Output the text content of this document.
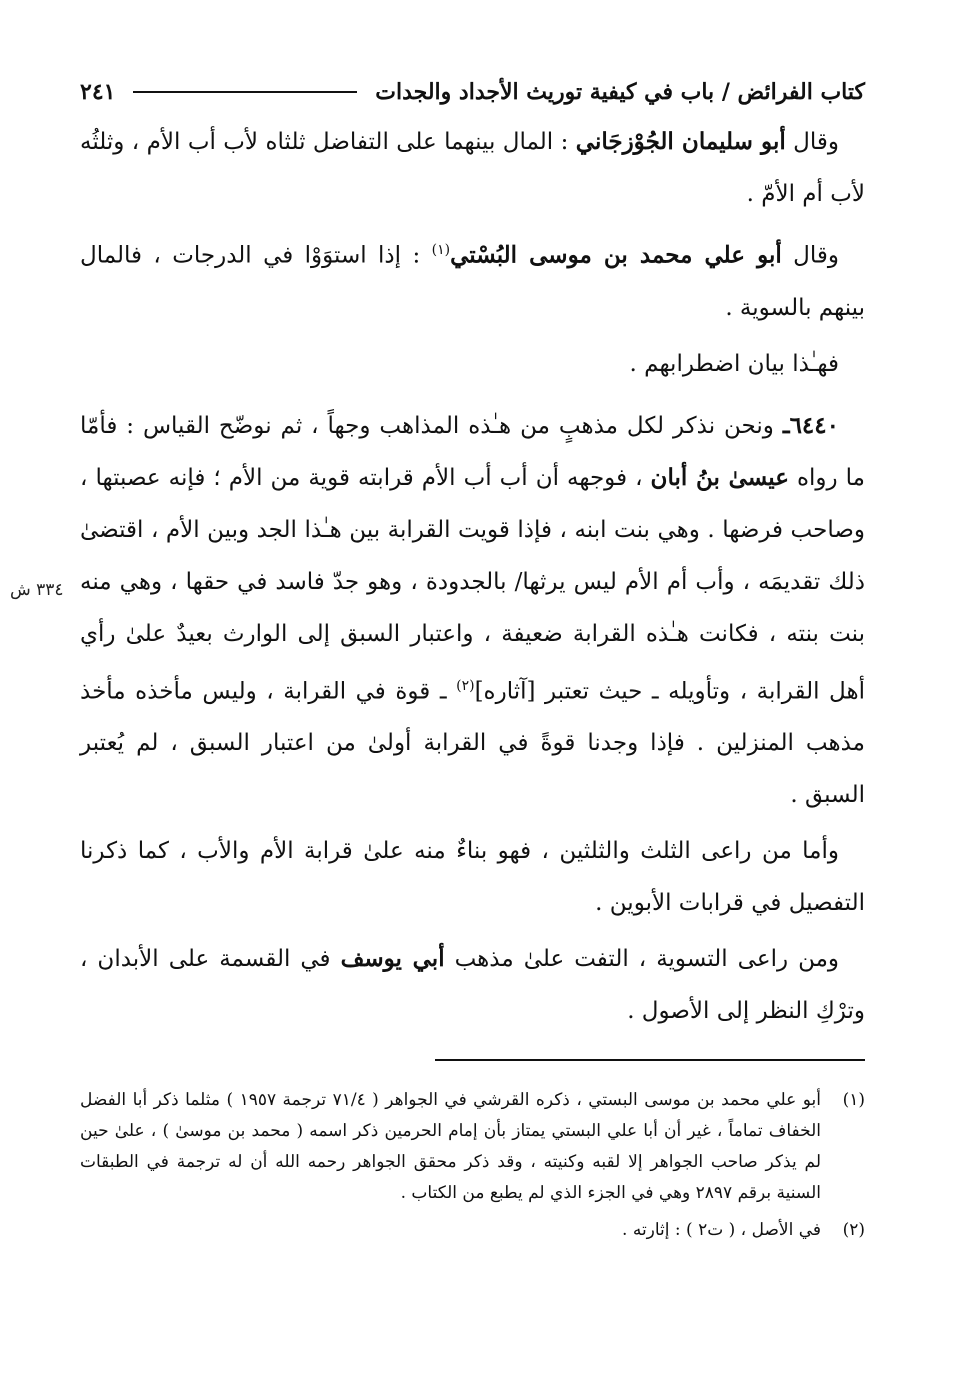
٣٣٤ ش
كتاب الفرائض / باب في كيفية توريث الأجداد والجدات
٢٤١

وقال أبو سليمان الجُوْزجَاني : المال بينهما على التفاضل ثلثاه لأب أب الأم ، وثلثُه لأب أم الأمّ .

وقال أبو علي محمد بن موسى البُسْتي$^{(١)}$ : إذا استوَوْا في الدرجات ، فالمال بينهم بالسوية .

فهـٰذا بيان اضطرابهم .

٦٤٤٠ـ ونحن نذكر لكل مذهبٍ من هـٰذه المذاهب وجهاً ، ثم نوضّح القياس : فأمّا ما رواه عيسىٰ بنُ أبان ، فوجهه أن أب أب الأم قرابته قوية من الأم ؛ فإنه عصبتها ، وصاحب فرضها . وهي بنت ابنه ، فإذا قويت القرابة بين هـٰذا الجد وبين الأم ، اقتضىٰ ذلك تقديمَه ، وأب أم الأم ليس يرثها/ بالجدودة ، وهو جدّ فاسد في حقها ، وهي منه بنت بنته ، فكانت هـٰذه القرابة ضعيفة ، واعتبار السبق إلى الوارث بعيدٌ علىٰ رأي أهل القرابة ، وتأويله ـ حيث تعتبر [آثاره]$^{(٢)}$ ـ قوة في القرابة ، وليس مأخذه مأخذ مذهب المنزلين . فإذا وجدنا قوةً في القرابة أولىٰ من اعتبار السبق ، لم يُعتبر السبق .

وأما من راعى الثلث والثلثين ، فهو بناءٌ منه علىٰ قرابة الأم والأب ، كما ذكرنا التفصيل في قرابات الأبوين .

ومن راعى التسوية ، التفت علىٰ مذهب أبي يوسف في القسمة على الأبدان ، وترْكِ النظر إلى الأصول .

(١)
أبو علي محمد بن موسى البستي ، ذكره القرشي في الجواهر ( ٧١/٤ ترجمة ١٩٥٧ ) مثلما ذكر أبا الفضل الخفاف تماماً ، غير أن أبا علي البستي يمتاز بأن إمام الحرمين ذكر اسمه ( محمد بن موسىٰ ) ، علىٰ حين لم يذكر صاحب الجواهر إلا لقبه وكنيته ، وقد ذكر محقق الجواهر رحمه الله أن له ترجمة في الطبقات السنية برقم ٢٨٩٧ وهي في الجزء الذي لم يطبع من الكتاب .
(٢)
في الأصل ، ( ت٢ ) : إثارته .
